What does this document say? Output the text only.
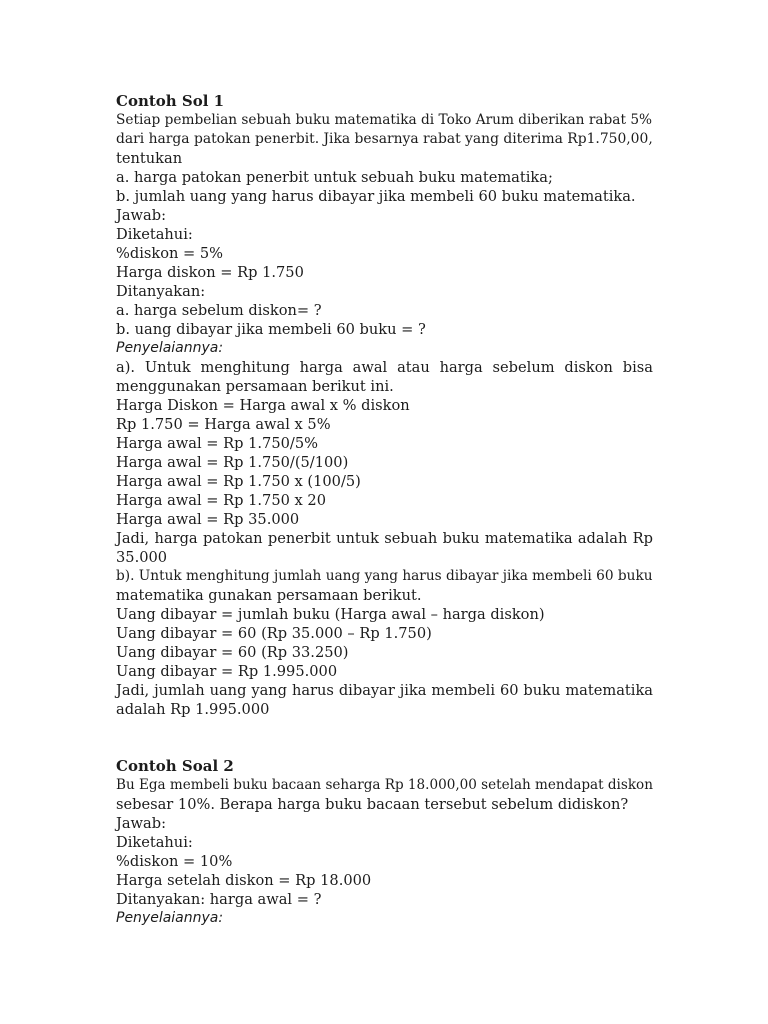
Contoh Sol 1
Setiap pembelian sebuah buku matematika di Toko Arum diberikan rabat 5%
dari harga patokan penerbit. Jika besarnya rabat yang diterima Rp1.750,00,
tentukan
a. harga patokan penerbit untuk sebuah buku matematika;
b. jumlah uang yang harus dibayar jika membeli 60 buku matematika.
Jawab:
Diketahui:
%diskon = 5%
Harga diskon = Rp 1.750
Ditanyakan:
a. harga sebelum diskon= ?
b. uang dibayar jika membeli 60 buku = ?
Penyelaiannya:
a). Untuk menghitung harga awal atau harga sebelum diskon bisa
menggunakan persamaan berikut ini.
Harga Diskon = Harga awal x % diskon
Rp 1.750 = Harga awal x 5%
Harga awal = Rp 1.750/5%
Harga awal = Rp 1.750/(5/100)
Harga awal = Rp 1.750 x (100/5)
Harga awal = Rp 1.750 x 20
Harga awal = Rp 35.000
Jadi, harga patokan penerbit untuk sebuah buku matematika adalah Rp
35.000
b). Untuk menghitung jumlah uang yang harus dibayar jika membeli 60 buku
matematika gunakan persamaan berikut.
Uang dibayar = jumlah buku (Harga awal – harga diskon)
Uang dibayar = 60 (Rp 35.000 – Rp 1.750)
Uang dibayar = 60 (Rp 33.250)
Uang dibayar = Rp 1.995.000
Jadi, jumlah uang yang harus dibayar jika membeli 60 buku matematika
adalah Rp 1.995.000
Contoh Soal 2
Bu Ega membeli buku bacaan seharga Rp 18.000,00 setelah mendapat diskon
sebesar 10%. Berapa harga buku bacaan tersebut sebelum didiskon?
Jawab:
Diketahui:
%diskon = 10%
Harga setelah diskon = Rp 18.000
Ditanyakan: harga awal = ?
Penyelaiannya:
